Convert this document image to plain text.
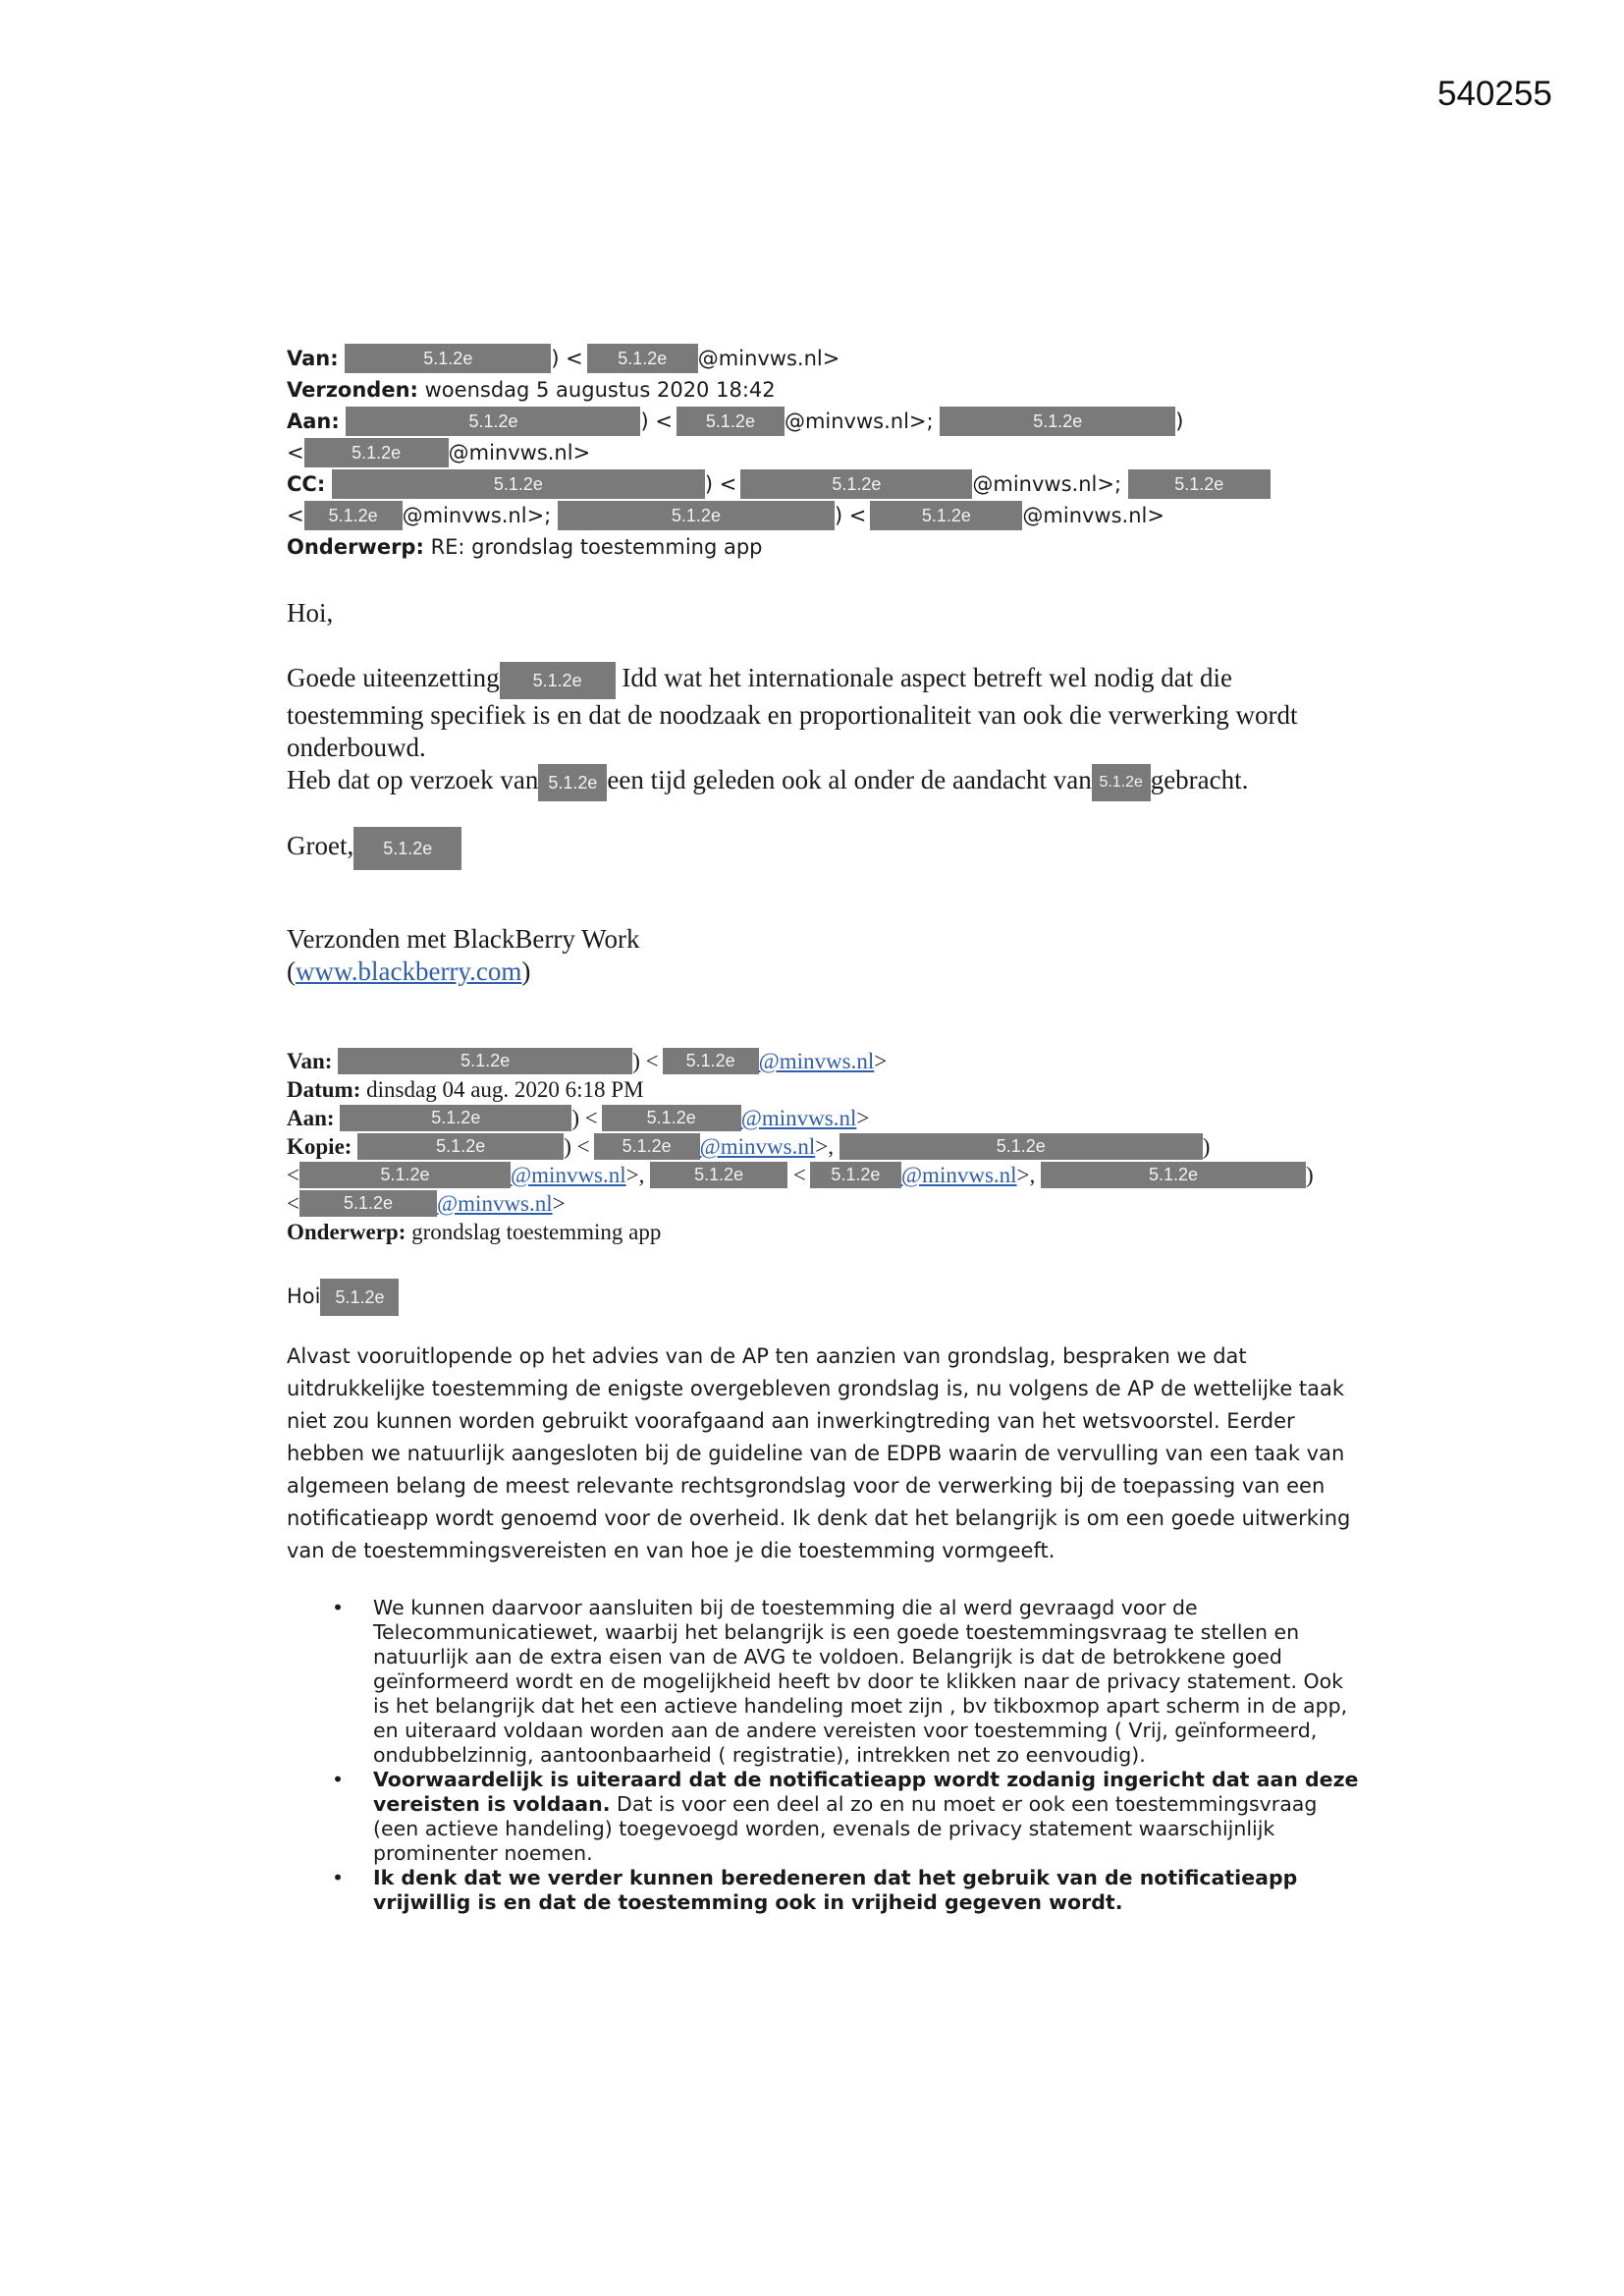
540255
Van:	5.1.2e	) < 5.1.2e @minvws.nl>
Verzonden: woensdag 5 augustus 2020 18:42
Aan:	5.1.2e	) < 5.1.2e @minvws.nl>;	5.1.2e	)
<	5.1.2e @minvws.nl>
CC:	5.1.2e	) <	5.1.2e	@minvws.nl>;	5.1.2e
< 5.1.2e @minvws.nl>;	5.1.2e	) <	5.1.2e @minvws.nl>
Onderwerp: RE: grondslag toestemming app
Hoi,
Goede uiteenzetting 5.1.2e Idd wat het internationale aspect betreft wel nodig dat die toestemming specifiek is en dat de noodzaak en proportionaliteit van ook die verwerking wordt onderbouwd.
Heb dat op verzoek van 5.1.2e een tijd geleden ook al onder de aandacht van 5.1.2e gebracht.
Groet, 5.1.2e
Verzonden met BlackBerry Work
(www.blackberry.com)
Van:	5.1.2e	) < 5.1.2e @minvws.nl>
Datum: dinsdag 04 aug. 2020 6:18 PM
Aan:	5.1.2e	) <	5.1.2e @minvws.nl>
Kopie:	5.1.2e	) < 5.1.2e @minvws.nl>,	5.1.2e	)
<	5.1.2e	@minvws.nl>,	5.1.2e < 5.1.2e @minvws.nl>,	5.1.2e	)
< 5.1.2e @minvws.nl>
Onderwerp: grondslag toestemming app
Hoi 5.1.2e
Alvast vooruitlopende op het advies van de AP ten aanzien van grondslag, bespraken we dat uitdrukkelijke toestemming de enigste overgebleven grondslag is, nu volgens de AP de wettelijke taak niet zou kunnen worden gebruikt voorafgaand aan inwerkingtreding van het wetsvoorstel. Eerder hebben we natuurlijk aangesloten bij de guideline van de EDPB waarin de vervulling van een taak van algemeen belang de meest relevante rechtsgrondslag voor de verwerking bij de toepassing van een notificatieapp wordt genoemd voor de overheid. Ik denk dat het belangrijk is om een goede uitwerking van de toestemmingsvereisten en van hoe je die toestemming vormgeeft.
• We kunnen daarvoor aansluiten bij de toestemming die al werd gevraagd voor de Telecommunicatiewet, waarbij het belangrijk is een goede toestemmingsvraag te stellen en natuurlijk aan de extra eisen van de AVG te voldoen. Belangrijk is dat de betrokkene goed geïnformeerd wordt en de mogelijkheid heeft bv door te klikken naar de privacy statement. Ook is het belangrijk dat het een actieve handeling moet zijn , bv tikboxmop apart scherm in de app, en uiteraard voldaan worden aan de andere vereisten voor toestemming ( Vrij, geïnformeerd, ondubbelzinnig, aantoonbaarheid ( registratie), intrekken net zo eenvoudig).
• Voorwaardelijk is uiteraard dat de notificatieapp wordt zodanig ingericht dat aan deze vereisten is voldaan. Dat is voor een deel al zo en nu moet er ook een toestemmingsvraag (een actieve handeling) toegevoegd worden, evenals de privacy statement waarschijnlijk prominenter noemen.
• Ik denk dat we verder kunnen beredeneren dat het gebruik van de notificatieapp vrijwillig is en dat de toestemming ook in vrijheid gegeven wordt.
